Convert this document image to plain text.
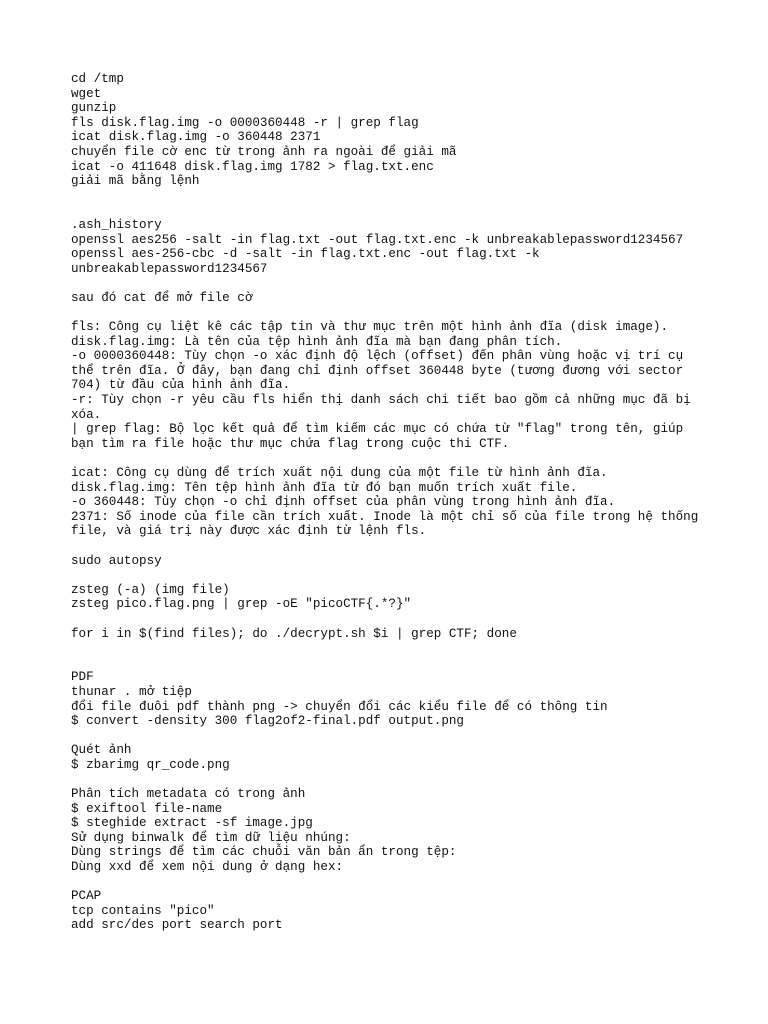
cd /tmp
wget
gunzip
fls disk.flag.img -o 0000360448 -r | grep flag
icat disk.flag.img -o 360448 2371
chuyển file cờ enc từ trong ảnh ra ngoài để giải mã
icat -o 411648 disk.flag.img 1782 > flag.txt.enc
giải mã bằng lệnh
.ash_history
openssl aes256 -salt -in flag.txt -out flag.txt.enc -k unbreakablepassword1234567
openssl aes-256-cbc -d -salt -in flag.txt.enc -out flag.txt -k
unbreakablepassword1234567
sau đó cat để mở file cờ
fls: Công cụ liệt kê các tập tin và thư mục trên một hình ảnh đĩa (disk image).
disk.flag.img: Là tên của tệp hình ảnh đĩa mà bạn đang phân tích.
-o 0000360448: Tùy chọn -o xác định độ lệch (offset) đến phân vùng hoặc vị trí cụ
thể trên đĩa. Ở đây, bạn đang chỉ định offset 360448 byte (tương đương với sector
704) từ đầu của hình ảnh đĩa.
-r: Tùy chọn -r yêu cầu fls hiển thị danh sách chi tiết bao gồm cả những mục đã bị
xóa.
| grep flag: Bộ lọc kết quả để tìm kiếm các mục có chứa từ "flag" trong tên, giúp
bạn tìm ra file hoặc thư mục chứa flag trong cuộc thi CTF.
icat: Công cụ dùng để trích xuất nội dung của một file từ hình ảnh đĩa.
disk.flag.img: Tên tệp hình ảnh đĩa từ đó bạn muốn trích xuất file.
-o 360448: Tùy chọn -o chỉ định offset của phân vùng trong hình ảnh đĩa.
2371: Số inode của file cần trích xuất. Inode là một chỉ số của file trong hệ thống
file, và giá trị này được xác định từ lệnh fls.
sudo autopsy
zsteg (-a) (img file)
zsteg pico.flag.png | grep -oE "picoCTF{.*?}"
for i in $(find files); do ./decrypt.sh $i | grep CTF; done
PDF
thunar . mở tiệp
đổi file đuôi pdf thành png -> chuyển đổi các kiểu file để có thông tin
$ convert -density 300 flag2of2-final.pdf output.png
Quét ảnh
$ zbarimg qr_code.png
Phân tích metadata có trong ảnh
$ exiftool file-name
$ steghide extract -sf image.jpg
Sử dụng binwalk để tìm dữ liệu nhúng:
Dùng strings để tìm các chuỗi văn bản ẩn trong tệp:
Dùng xxd để xem nội dung ở dạng hex:
PCAP
tcp contains "pico"
add src/des port search port
